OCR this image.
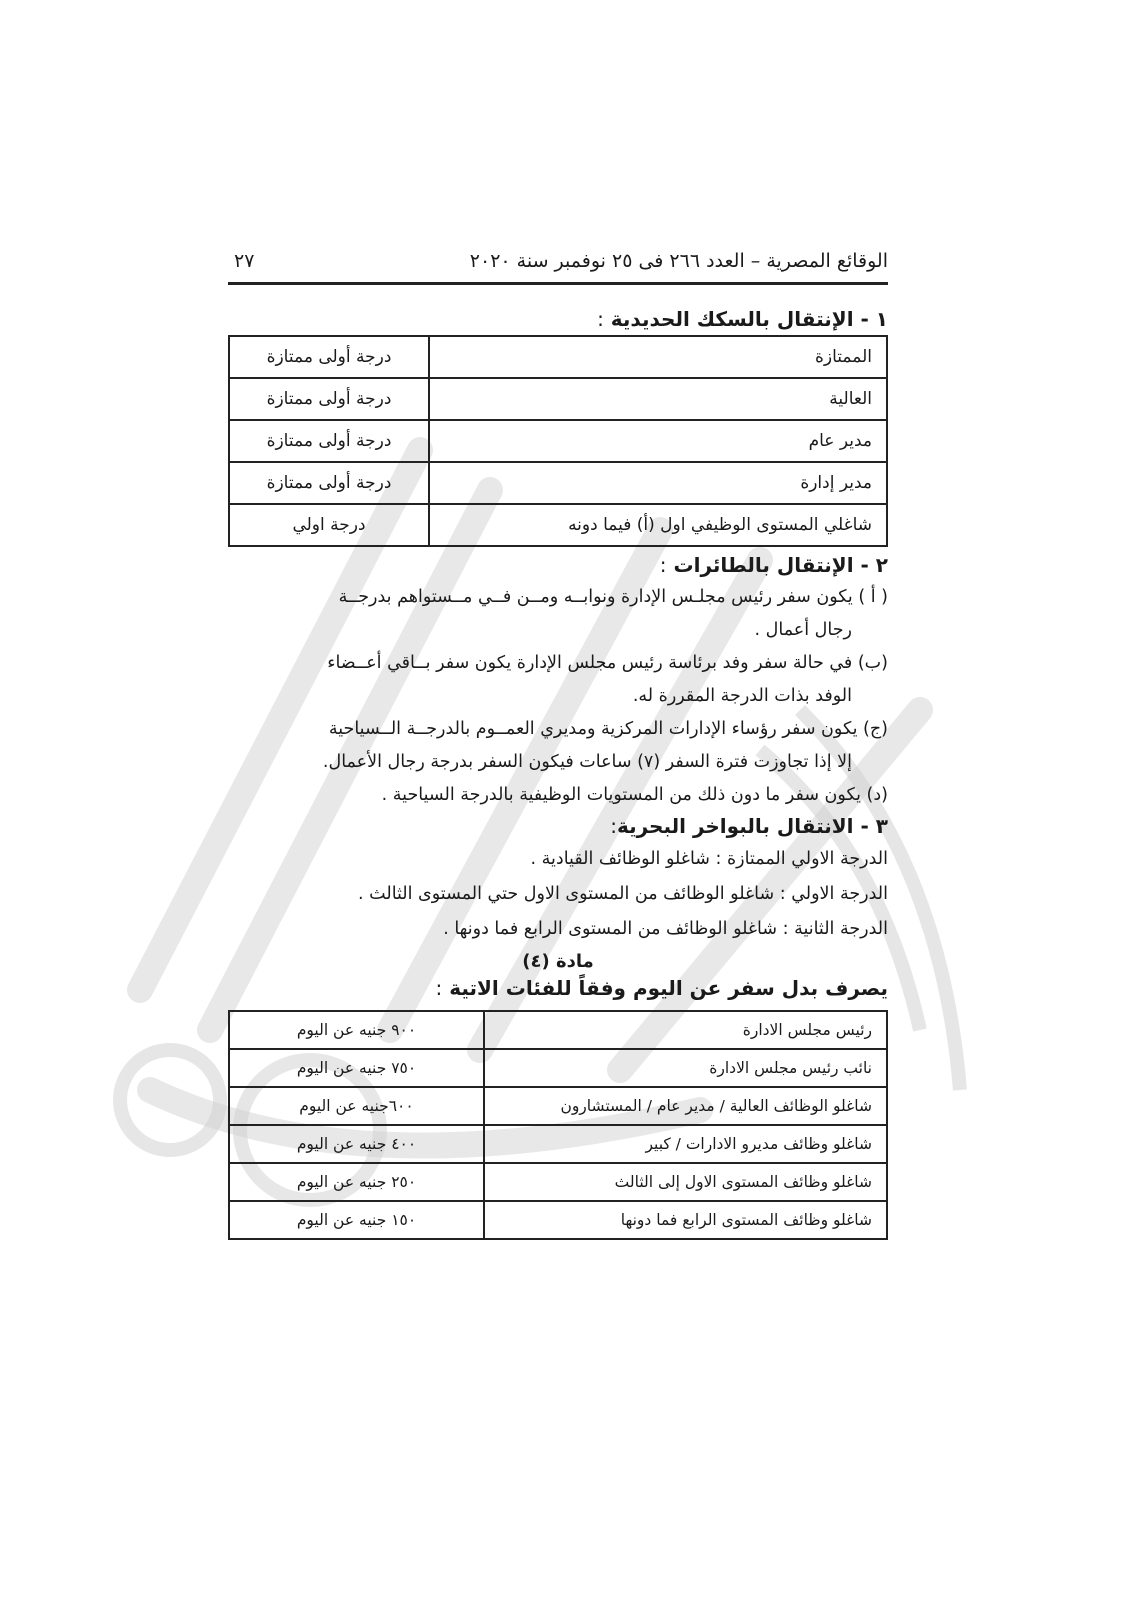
الوقائع المصرية – العدد ٢٦٦ فى ٢٥ نوفمبر سنة ٢٠٢٠
٢٧
١ - الإنتقال بالسكك الحديدية :
الممتازة	درجة أولى ممتازة
العالية	درجة أولى ممتازة
مدير عام	درجة أولى ممتازة
مدير إدارة	درجة أولى ممتازة
شاغلي المستوى الوظيفي اول (أ) فيما دونه	درجة اولي
٢ - الإنتقال بالطائرات :

( أ ) يكون سفر رئيس مجلـس الإدارة ونوابــه ومــن فــي مــستواهم بدرجــة
رجال أعمال .

(ب) في حالة سفر وفد برئاسة رئيس مجلس الإدارة يكون سفر بــاقي أعــضاء
الوفد بذات الدرجة المقررة له.

(ج) يكون سفر رؤساء الإدارات المركزية ومديري العمــوم بالدرجــة الــسياحية
إلا إذا تجاوزت فترة السفر (٧) ساعات فيكون السفر بدرجة رجال الأعمال.

(د) يكون سفر ما دون ذلك من المستويات الوظيفية بالدرجة السياحية .

٣ - الانتقال بالبواخر البحرية:

الدرجة الاولي الممتازة : شاغلو الوظائف القيادية .

الدرجة الاولي : شاغلو الوظائف من المستوى الاول حتي المستوى الثالث .

الدرجة الثانية : شاغلو الوظائف من المستوى الرابع فما دونها .

مادة (٤)
يصرف بدل سفر عن اليوم وفقاً للفئات الاتية :
رئيس مجلس الادارة	٩٠٠ جنيه عن اليوم
نائب رئيس مجلس الادارة	٧٥٠ جنيه عن اليوم
شاغلو الوظائف العالية / مدير عام / المستشارون	٦٠٠جنيه عن اليوم
شاغلو وظائف مديرو الادارات / كبير	٤٠٠ جنيه عن اليوم
شاغلو وظائف المستوى الاول إلى الثالث	٢٥٠ جنيه عن اليوم
شاغلو وظائف المستوى الرابع فما دونها	١٥٠ جنيه عن اليوم
